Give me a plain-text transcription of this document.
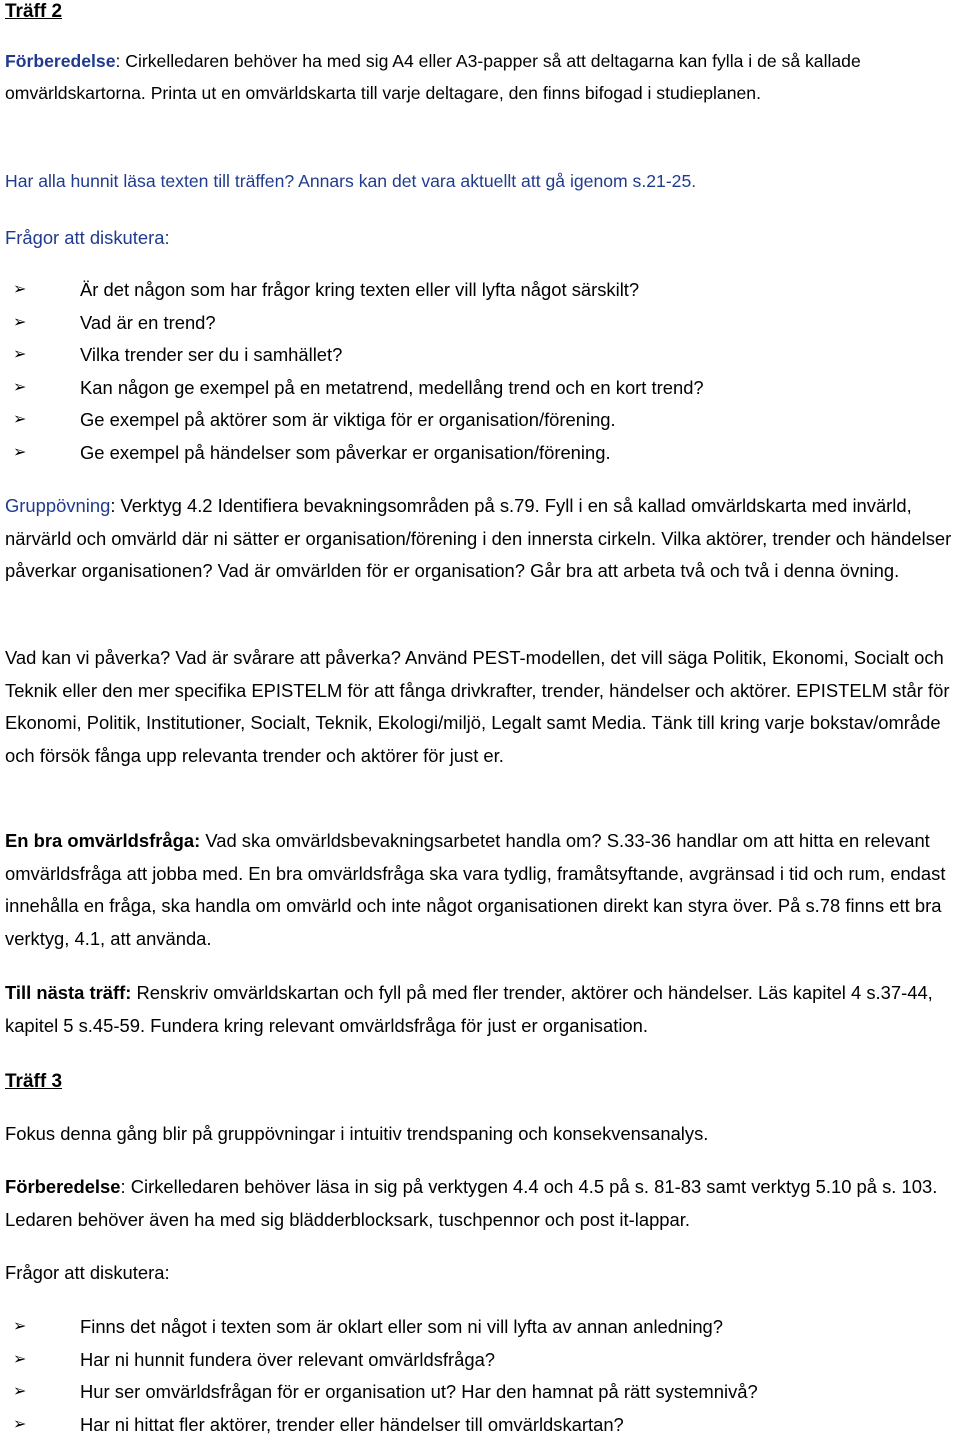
Träff 2

Förberedelse: Cirkelledaren behöver ha med sig A4 eller A3-papper så att deltagarna kan fylla i de så kallade omvärldskartorna. Printa ut en omvärldskarta till varje deltagare, den finns bifogad i studieplanen.

Har alla hunnit läsa texten till träffen? Annars kan det vara aktuellt att gå igenom s.21-25.

Frågor att diskutera:

➢	Är det någon som har frågor kring texten eller vill lyfta något särskilt?
➢	Vad är en trend?
➢	Vilka trender ser du i samhället?
➢	Kan någon ge exempel på en metatrend, medellång trend och en kort trend?
➢	Ge exempel på aktörer som är viktiga för er organisation/förening.
➢	Ge exempel på händelser som påverkar er organisation/förening.

Gruppövning: Verktyg 4.2 Identifiera bevakningsområden på s.79. Fyll i en så kallad omvärldskarta med invärld, närvärld och omvärld där ni sätter er organisation/förening i den innersta cirkeln. Vilka aktörer, trender och händelser påverkar organisationen? Vad är omvärlden för er organisation? Går bra att arbeta två och två i denna övning.

Vad kan vi påverka? Vad är svårare att påverka? Använd PEST-modellen, det vill säga Politik, Ekonomi, Socialt och Teknik eller den mer specifika EPISTELM för att fånga drivkrafter, trender, händelser och aktörer. EPISTELM står för Ekonomi, Politik, Institutioner, Socialt, Teknik, Ekologi/miljö, Legalt samt Media. Tänk till kring varje bokstav/område och försök fånga upp relevanta trender och aktörer för just er.

En bra omvärldsfråga: Vad ska omvärldsbevakningsarbetet handla om? S.33-36 handlar om att hitta en relevant omvärldsfråga att jobba med. En bra omvärldsfråga ska vara tydlig, framåtsyftande, avgränsad i tid och rum, endast innehålla en fråga, ska handla om omvärld och inte något organisationen direkt kan styra över. På s.78 finns ett bra verktyg, 4.1, att använda.

Till nästa träff: Renskriv omvärldskartan och fyll på med fler trender, aktörer och händelser. Läs kapitel 4 s.37-44, kapitel 5 s.45-59. Fundera kring relevant omvärldsfråga för just er organisation.

Träff 3

Fokus denna gång blir på gruppövningar i intuitiv trendspaning och konsekvensanalys.

Förberedelse: Cirkelledaren behöver läsa in sig på verktygen 4.4 och 4.5 på s. 81-83 samt verktyg 5.10 på s. 103. Ledaren behöver även ha med sig blädderblocksark, tuschpennor och post it-lappar.

Frågor att diskutera:

➢	Finns det något i texten som är oklart eller som ni vill lyfta av annan anledning?
➢	Har ni hunnit fundera över relevant omvärldsfråga?
➢	Hur ser omvärldsfrågan för er organisation ut? Har den hamnat på rätt systemnivå?
➢	Har ni hittat fler aktörer, trender eller händelser till omvärldskartan?
